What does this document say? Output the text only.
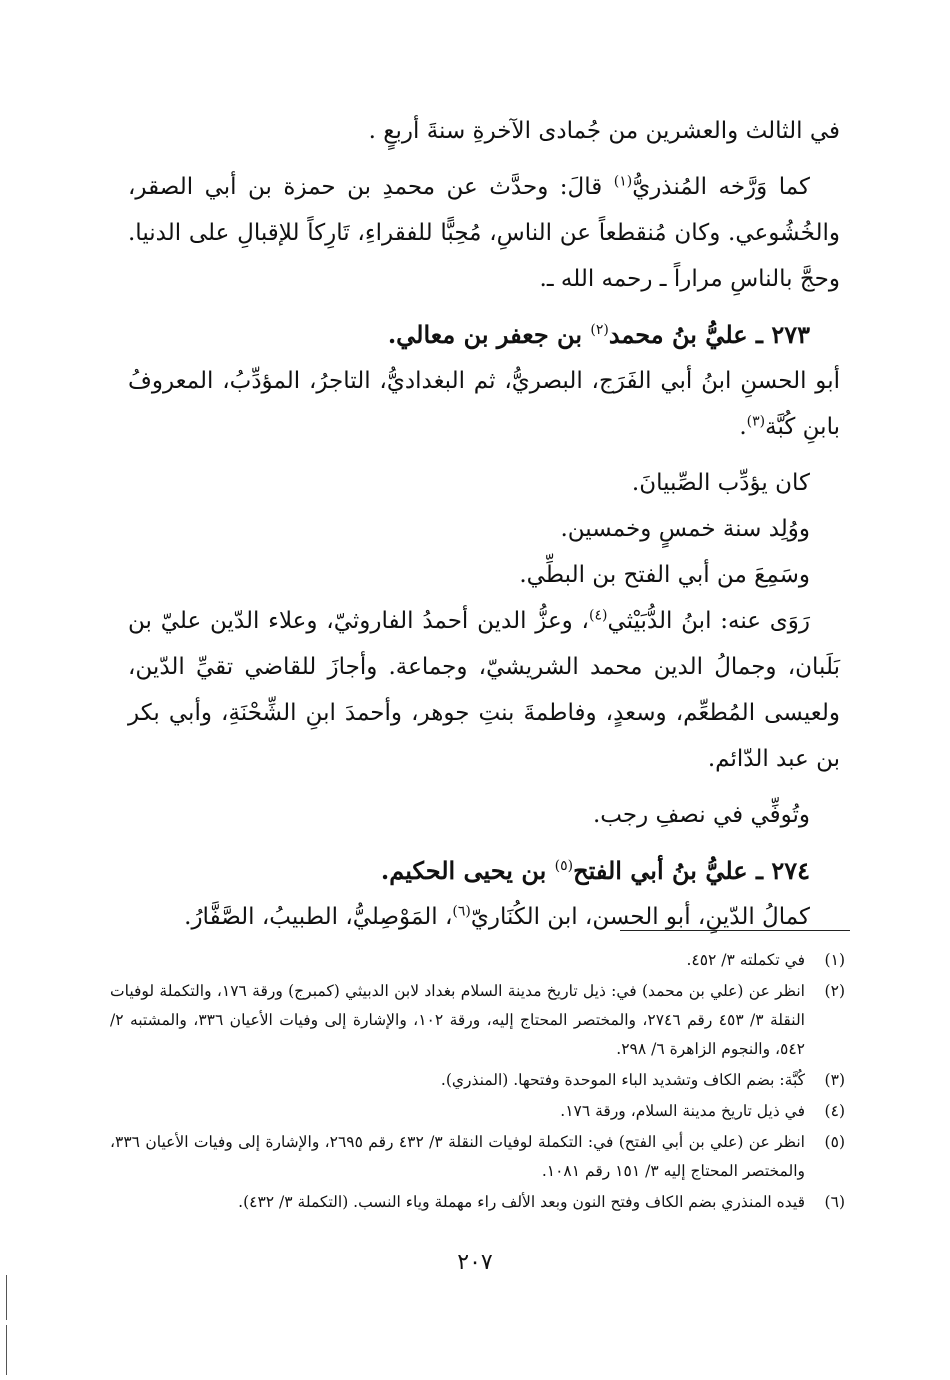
في الثالث والعشرين من جُمادى الآخرةِ سنةَ أربعٍ .

كما وَرَّخه المُنذريُّ$^{(١)}$ قالَ: وحدَّث عن محمدِ بن حمزة بن أبي الصقر، والخُشُوعي. وكان مُنقطعاً عن الناسِ، مُحِبًّا للفقراءِ، تَارِكاً للإقبالِ على الدنيا. وحجَّ بالناسِ مراراً ـ رحمه الله ـ.

٢٧٣ ـ عليُّ بنُ محمد$^{(٢)}$ بن جعفر بن معالي.

أبو الحسنِ ابنُ أبي الفَرَج، البصريُّ، ثم البغداديُّ، التاجرُ، المؤدِّبُ، المعروفُ بابنِ كُبَّة$^{(٣)}$.

كان يؤدِّب الصِّبيانَ.

ووُلِد سنة خمسٍ وخمسين.

وسَمِعَ من أبي الفتح بن البطِّي.

رَوَى عنه: ابنُ الدُّبَيْثي$^{(٤)}$، وعزُّ الدين أحمدُ الفاروثيّ، وعلاء الدّين عليّ بن بَلَبان، وجمالُ الدين محمد الشريشيّ، وجماعة. وأجازَ للقاضي تقيِّ الدّين، ولعيسى المُطعِّم، وسعدٍ، وفاطمةَ بنتِ جوهر، وأحمدَ ابنِ الشِّحْنَةِ، وأبي بكر بن عبد الدّائم.

وتُوفِّي في نصفِ رجب.

٢٧٤ ـ عليُّ بنُ أبي الفتح$^{(٥)}$ بن يحيى الحكيم.

كمالُ الدّينِ، أبو الحسن، ابن الكُنَاريّ$^{(٦)}$، المَوْصِليُّ، الطبيبُ، الصَّفَّارُ.

(١)
في تكملته ٣/ ٤٥٢.
(٢)
انظر عن (علي بن محمد) في: ذيل تاريخ مدينة السلام بغداد لابن الدبيثي (كمبرج) ورقة ١٧٦، والتكملة لوفيات النقلة ٣/ ٤٥٣ رقم ٢٧٤٦، والمختصر المحتاج إليه، ورقة ١٠٢، والإشارة إلى وفيات الأعيان ٣٣٦، والمشتبه ٢/ ٥٤٢، والنجوم الزاهرة ٦/ ٢٩٨.
(٣)
كُبَّة: بضم الكاف وتشديد الباء الموحدة وفتحها. (المنذري).
(٤)
في ذيل تاريخ مدينة السلام، ورقة ١٧٦.
(٥)
انظر عن (علي بن أبي الفتح) في: التكملة لوفيات النقلة ٣/ ٤٣٢ رقم ٢٦٩٥، والإشارة إلى وفيات الأعيان ٣٣٦، والمختصر المحتاج إليه ٣/ ١٥١ رقم ١٠٨١.
(٦)
قيده المنذري بضم الكاف وفتح النون وبعد الألف راء مهملة وياء النسب. (التكملة ٣/ ٤٣٢).
٢٠٧
